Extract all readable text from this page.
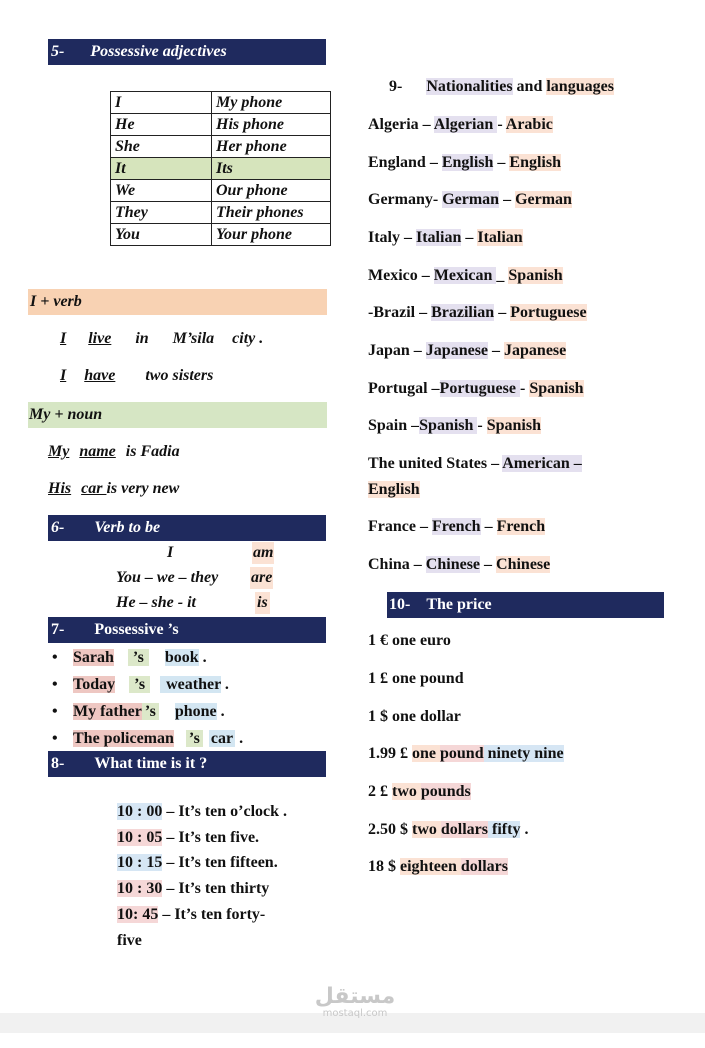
5- Possessive adjectives
I	My phone
He	His phone
She	Her phone
It	Its
We	Our phone
They	Their phones
You	Your phone
I + verb
I live in M’sila city .
I have two sisters
My + noun
My name is Fadia
His car is very new
6- Verb to be
I	am
You – we – they are
He – she - it	is
7- Possessive ’s
• Sarah ’s book .
• Today ’s weather .
• My father ’s phone .
• The policeman ’s car .
8- What time is it ?
10 : 00 – It’s ten o’clock .
10 : 05 – It’s ten five.
10 : 15 – It’s ten fifteen.
10 : 30 – It’s ten thirty
10: 45 – It’s ten forty-
five
9- Nationalities and languages
Algeria – Algerian - Arabic
England – English – English
Germany- German – German
Italy – Italian – Italian
Mexico – Mexican _ Spanish
-Brazil – Brazilian – Portuguese
Japan – Japanese – Japanese
Portugal –Portuguese - Spanish
Spain –Spanish - Spanish
The united States – American –
English
France – French – French
China – Chinese – Chinese
10- The price
1 € one euro
1 £ one pound
1 $ one dollar
1.99 £ one pound ninety nine
2 £ two pounds
2.50 $ two dollars fifty .
18 $ eighteen dollars
مستقل
mostaql.com
